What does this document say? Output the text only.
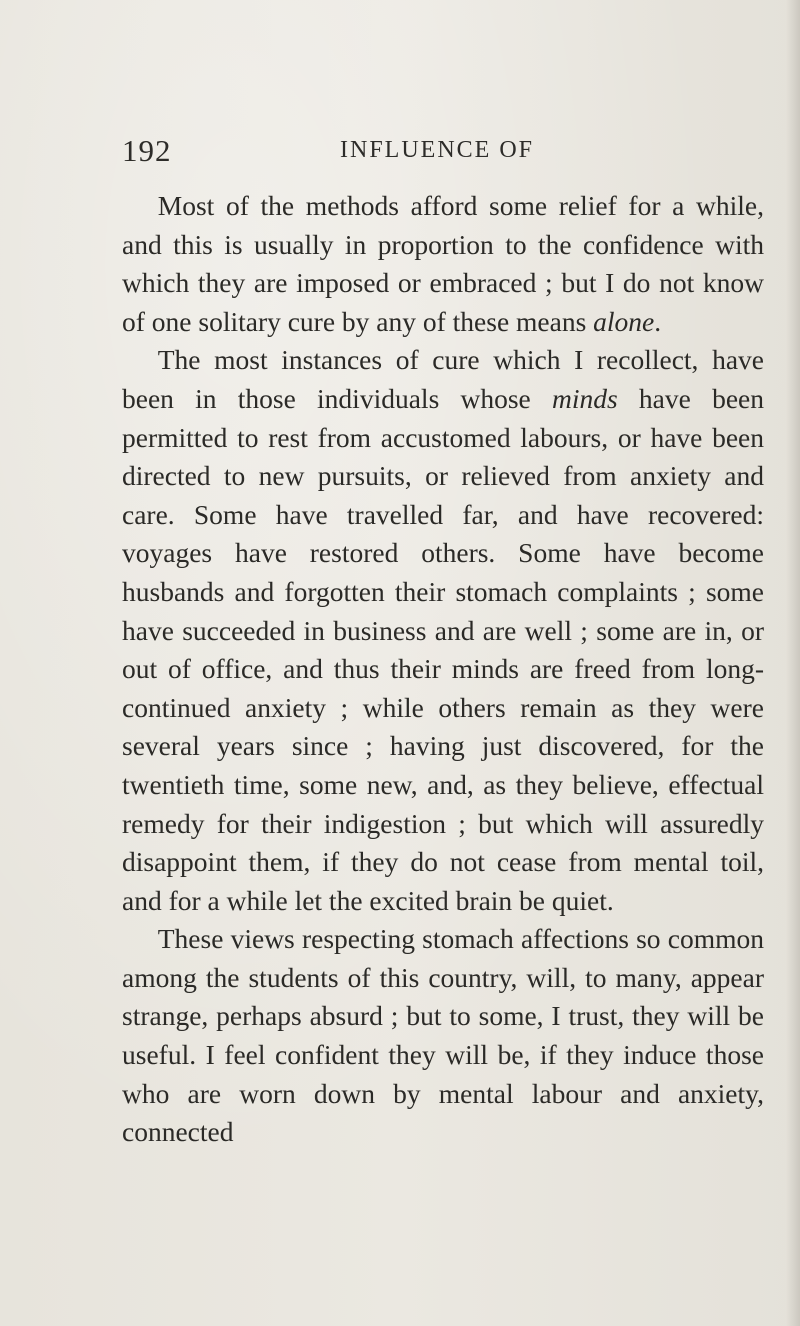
192	INFLUENCE OF

Most of the methods afford some relief for a while, and this is usually in proportion to the confidence with which they are imposed or embraced ; but I do not know of one solitary cure by any of these means alone.

The most instances of cure which I recollect, have been in those individuals whose minds have been permitted to rest from accustomed labours, or have been directed to new pursuits, or relieved from anxiety and care. Some have travelled far, and have recovered: voyages have restored others. Some have become husbands and forgotten their stomach complaints ; some have succeeded in business and are well ; some are in, or out of office, and thus their minds are freed from long-continued anxiety ; while others remain as they were several years since ; having just discovered, for the twentieth time, some new, and, as they believe, effectual remedy for their indigestion ; but which will assuredly disappoint them, if they do not cease from mental toil, and for a while let the excited brain be quiet.

These views respecting stomach affections so common among the students of this country, will, to many, appear strange, perhaps absurd ; but to some, I trust, they will be useful. I feel confident they will be, if they induce those who are worn down by mental labour and anxiety, connected
